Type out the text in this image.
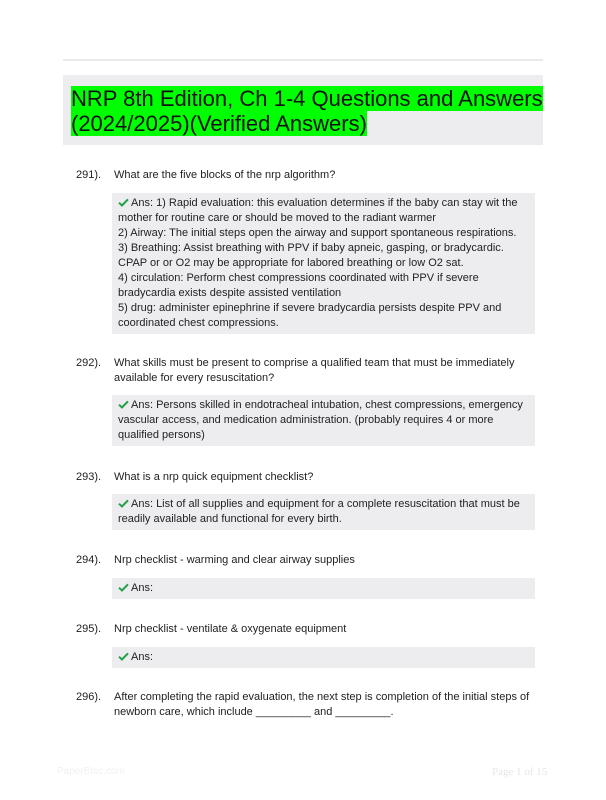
NRP 8th Edition, Ch 1-4 Questions and Answers
(2024/2025)(Verified Answers)
291).	What are the five blocks of the nrp algorithm?
Ans: 1) Rapid evaluation: this evaluation determines if the baby can stay wit the mother for routine care or should be moved to the radiant warmer
2) Airway: The initial steps open the airway and support spontaneous respirations.
3) Breathing: Assist breathing with PPV if baby apneic, gasping, or bradycardic. CPAP or or O2 may be appropriate for labored breathing or low O2 sat.
4) circulation: Perform chest compressions coordinated with PPV if severe bradycardia exists despite assisted ventilation
5) drug: administer epinephrine if severe bradycardia persists despite PPV and coordinated chest compressions.
292).	What skills must be present to comprise a qualified team that must be immediately available for every resuscitation?
Ans: Persons skilled in endotracheal intubation, chest compressions, emergency vascular access, and medication administration. (probably requires 4 or more qualified persons)
293).	What is a nrp quick equipment checklist?
Ans: List of all supplies and equipment for a complete resuscitation that must be readily available and functional for every birth.
294).	Nrp checklist - warming and clear airway supplies
Ans:
295).	Nrp checklist - ventilate & oxygenate equipment
Ans:
296).	After completing the rapid evaluation, the next step is completion of the initial steps of newborn care, which include _________ and _________.
PaperBbic.com	Page 1 of 15
